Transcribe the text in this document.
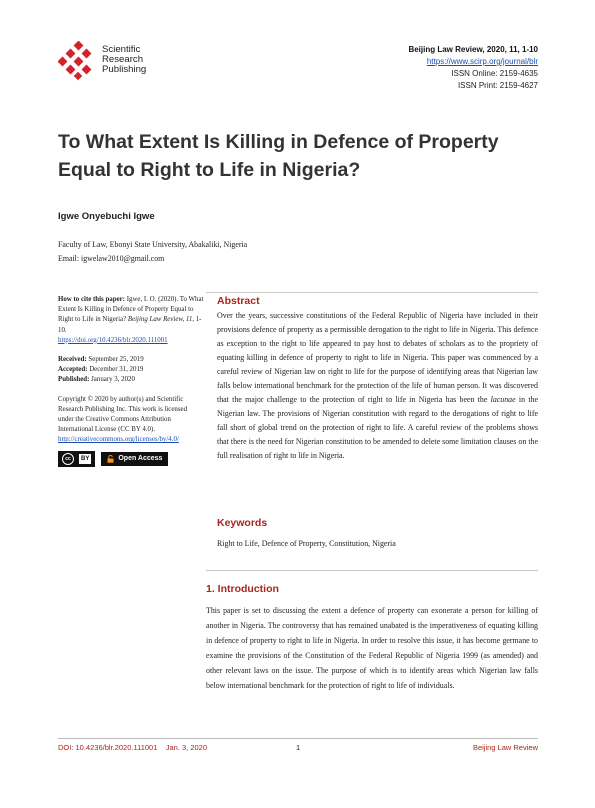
Scientific
Research
Publishing
Beijing Law Review, 2020, 11, 1-10
https://www.scirp.org/journal/blr
ISSN Online: 2159-4635
ISSN Print: 2159-4627
To What Extent Is Killing in Defence of Property Equal to Right to Life in Nigeria?
Igwe Onyebuchi Igwe
Faculty of Law, Ebonyi State University, Abakaliki, Nigeria
Email: igwelaw2010@gmail.com
How to cite this paper: Igwe, I. O. (2020). To What Extent Is Killing in Defence of Property Equal to Right to Life in Nigeria? Beijing Law Review, 11, 1-10.
https://doi.org/10.4236/blr.2020.111001
Received: September 25, 2019
Accepted: December 31, 2019
Published: January 3, 2020
Copyright © 2020 by author(s) and Scientific Research Publishing Inc. This work is licensed under the Creative Commons Attribution International License (CC BY 4.0).
http://creativecommons.org/licenses/by/4.0/
cc	BY	Open Access
Abstract
Over the years, successive constitutions of the Federal Republic of Nigeria have included in their provisions defence of property as a permissible derogation to the right to life in Nigeria. This defence as exception to the right to life appeared to pay host to debates of scholars as to the propriety of equating killing in defence of property to right to life in Nigeria. This paper was commenced by a careful review of Nigerian law on right to life for the purpose of identifying areas that Nigerian law falls below international benchmark for the protection of the life of human person. It was discovered that the major challenge to the protection of right to life in Nigeria has been the lacunae in the Nigerian law. The provisions of Nigerian constitution with regard to the derogations of right to life fall short of global trend on the protection of right to life. A careful review of the problems shows that there is the need for Nigerian constitution to be amended to delete some limitation clauses on the full realisation of right to life in Nigeria.
Keywords
Right to Life, Defence of Property, Constitution, Nigeria
1. Introduction
This paper is set to discussing the extent a defence of property can exonerate a person for killing of another in Nigeria. The controversy that has remained unabated is the imperativeness of equating killing in defence of property to right to life in Nigeria. In order to resolve this issue, it has become germane to examine the provisions of the Constitution of the Federal Republic of Nigeria 1999 (as amended) and other relevant laws on the issue. The purpose of which is to identify areas which Nigerian law falls below international benchmark for the protection of right to life of individuals.
DOI: 10.4236/blr.2020.111001 Jan. 3, 2020	1	Beijing Law Review
